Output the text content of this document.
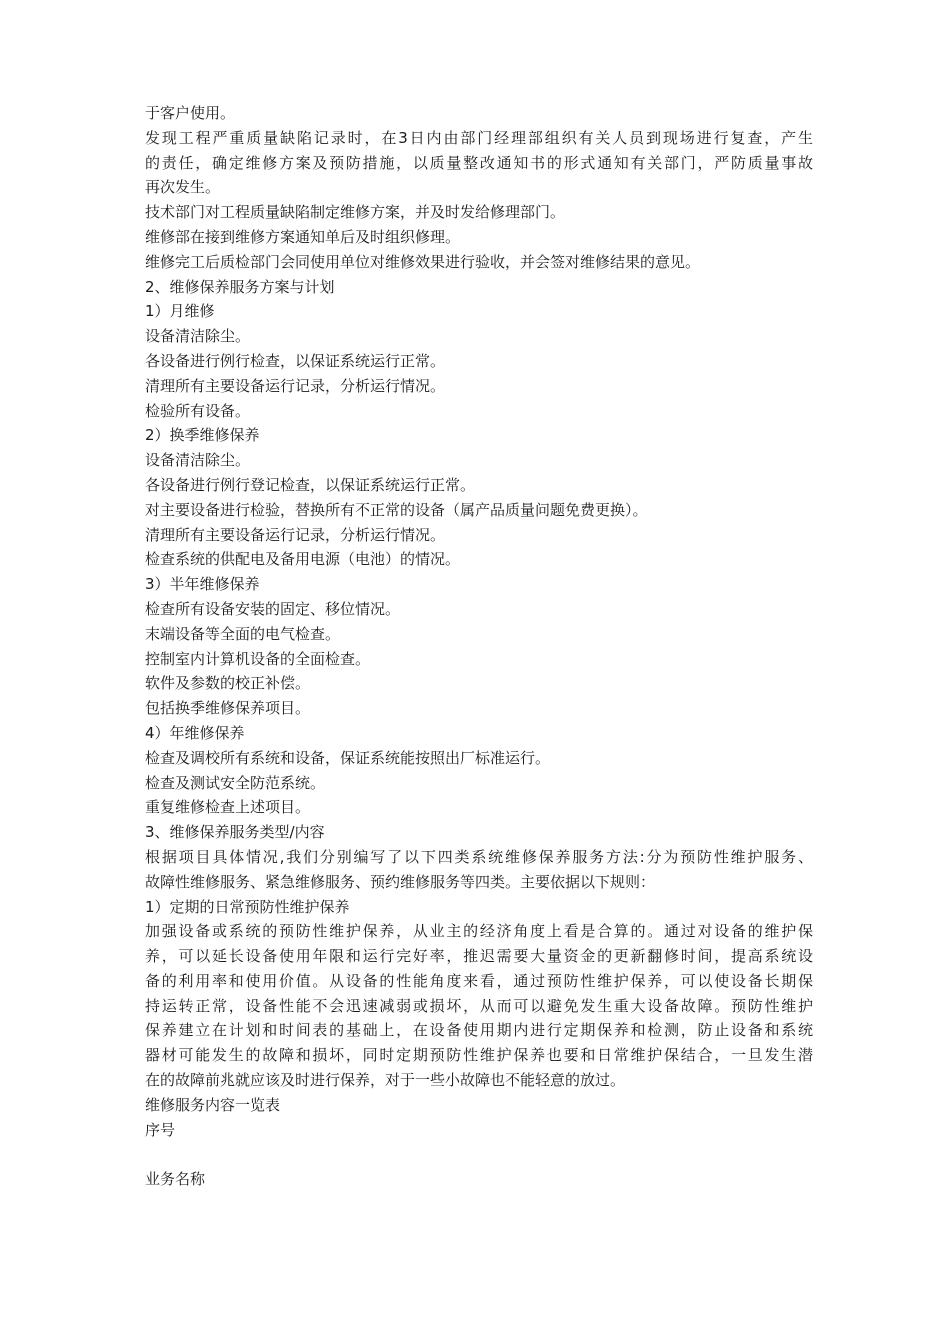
于客户使用。
发现工程严重质量缺陷记录时，在3日内由部门经理部组织有关人员到现场进行复查，产生
的责任，确定维修方案及预防措施，以质量整改通知书的形式通知有关部门，严防质量事故
再次发生。
技术部门对工程质量缺陷制定维修方案，并及时发给修理部门。
维修部在接到维修方案通知单后及时组织修理。
维修完工后质检部门会同使用单位对维修效果进行验收，并会签对维修结果的意见。
2、维修保养服务方案与计划
1）月维修
设备清洁除尘。
各设备进行例行检查，以保证系统运行正常。
清理所有主要设备运行记录，分析运行情况。
检验所有设备。
2）换季维修保养
设备清洁除尘。
各设备进行例行登记检查，以保证系统运行正常。
对主要设备进行检验，替换所有不正常的设备（属产品质量问题免费更换）。
清理所有主要设备运行记录，分析运行情况。
检查系统的供配电及备用电源（电池）的情况。
3）半年维修保养
检查所有设备安装的固定、移位情况。
末端设备等全面的电气检查。
控制室内计算机设备的全面检查。
软件及参数的校正补偿。
包括换季维修保养项目。
4）年维修保养
检查及调校所有系统和设备，保证系统能按照出厂标准运行。
检查及测试安全防范系统。
重复维修检查上述项目。
3、维修保养服务类型/内容
根据项目具体情况,我们分别编写了以下四类系统维修保养服务方法:分为预防性维护服务、
故障性维修服务、紧急维修服务、预约维修服务等四类。主要依据以下规则：
1）定期的日常预防性维护保养
加强设备或系统的预防性维护保养，从业主的经济角度上看是合算的。通过对设备的维护保
养，可以延长设备使用年限和运行完好率，推迟需要大量资金的更新翻修时间，提高系统设
备的利用率和使用价值。从设备的性能角度来看，通过预防性维护保养，可以使设备长期保
持运转正常，设备性能不会迅速减弱或损坏，从而可以避免发生重大设备故障。预防性维护
保养建立在计划和时间表的基础上，在设备使用期内进行定期保养和检测，防止设备和系统
器材可能发生的故障和损坏，同时定期预防性维护保养也要和日常维护保结合，一旦发生潜
在的故障前兆就应该及时进行保养，对于一些小故障也不能轻意的放过。
维修服务内容一览表
序号
业务名称
